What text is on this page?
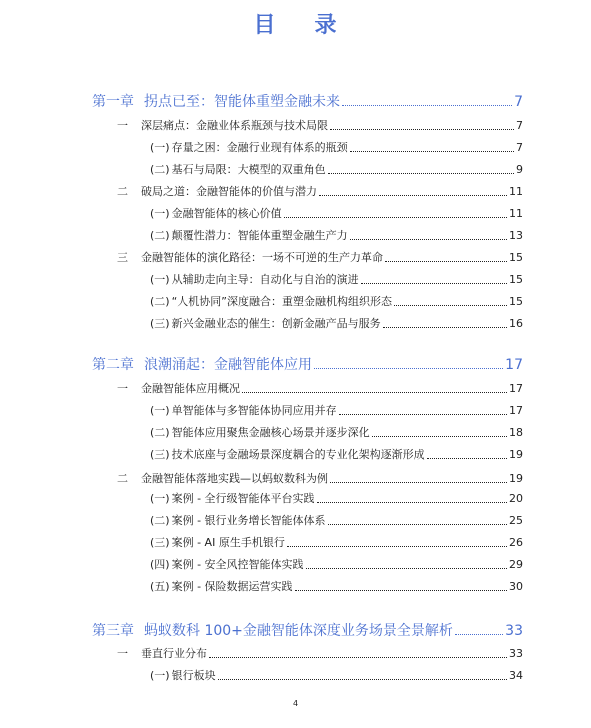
目 录
第一章 拐点已至：智能体重塑金融未来	7
一	深层痛点：金融业体系瓶颈与技术局限	7
(一) 存量之困：金融行业现有体系的瓶颈	7
(二) 基石与局限：大模型的双重角色	9
二	破局之道：金融智能体的价值与潜力	11
(一) 金融智能体的核心价值	11
(二) 颠覆性潜力：智能体重塑金融生产力	13
三	金融智能体的演化路径：一场不可逆的生产力革命	15
(一) 从辅助走向主导：自动化与自治的演进	15
(二) “人机协同”深度融合：重塑金融机构组织形态	15
(三) 新兴金融业态的催生：创新金融产品与服务	16
第二章 浪潮涌起：金融智能体应用	17
一	金融智能体应用概况	17
(一) 单智能体与多智能体协同应用并存	17
(二) 智能体应用聚焦金融核心场景并逐步深化	18
(三) 技术底座与金融场景深度耦合的专业化架构逐渐形成	19
二	金融智能体落地实践—以蚂蚁数科为例	19
(一) 案例 - 全行级智能体平台实践	20
(二) 案例 - 银行业务增长智能体体系	25
(三) 案例 - AI 原生手机银行	26
(四) 案例 - 安全风控智能体实践	29
(五) 案例 - 保险数据运营实践	30
第三章 蚂蚁数科 100+金融智能体深度业务场景全景解析	33
一	垂直行业分布	33
(一) 银行板块	34
4
